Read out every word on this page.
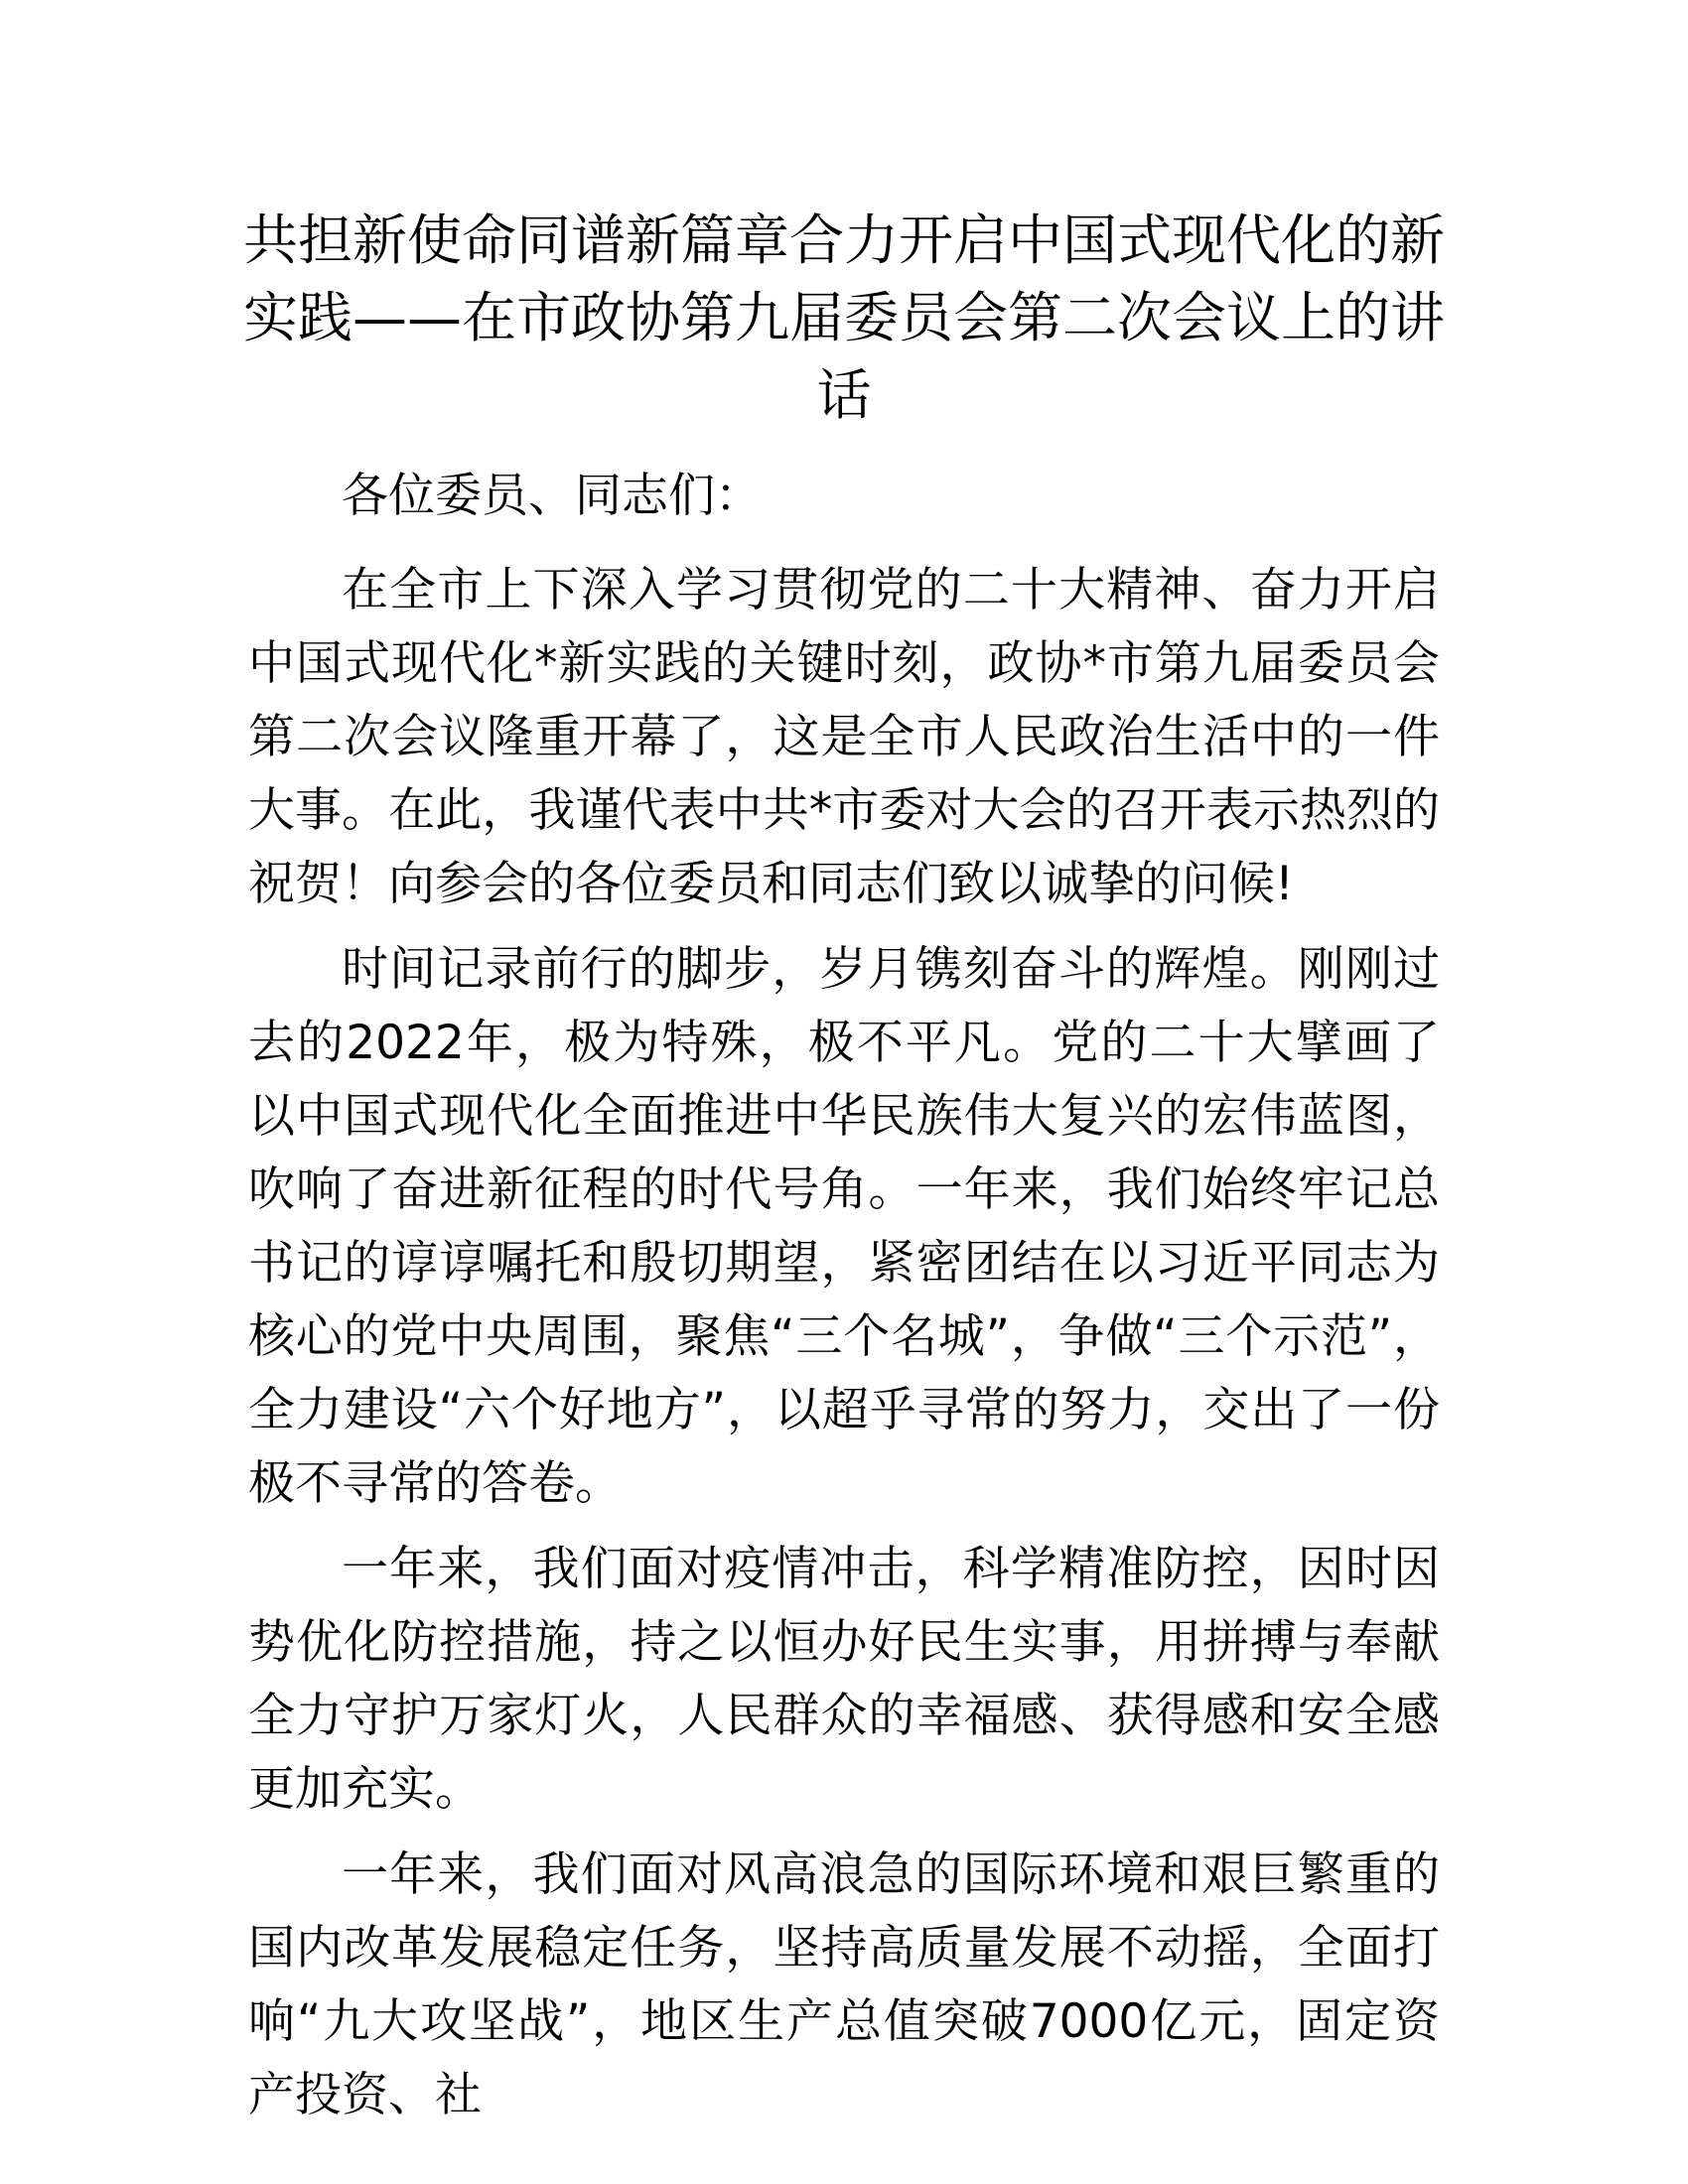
共担新使命同谱新篇章合力开启中国式现代化的新实践——在市政协第九届委员会第二次会议上的讲话

各位委员、同志们：

在全市上下深入学习贯彻党的二十大精神、奋力开启中国式现代化*新实践的关键时刻，政协*市第九届委员会第二次会议隆重开幕了，这是全市人民政治生活中的一件大事。在此，我谨代表中共*市委对大会的召开表示热烈的祝贺！向参会的各位委员和同志们致以诚挚的问候!

时间记录前行的脚步，岁月镌刻奋斗的辉煌。刚刚过去的2022年，极为特殊，极不平凡。党的二十大擘画了以中国式现代化全面推进中华民族伟大复兴的宏伟蓝图，吹响了奋进新征程的时代号角。一年来，我们始终牢记总书记的谆谆嘱托和殷切期望，紧密团结在以习近平同志为核心的党中央周围，聚焦“三个名城”，争做“三个示范”，全力建设“六个好地方”，以超乎寻常的努力，交出了一份极不寻常的答卷。

一年来，我们面对疫情冲击，科学精准防控，因时因势优化防控措施，持之以恒办好民生实事，用拼搏与奉献全力守护万家灯火，人民群众的幸福感、获得感和安全感更加充实。

一年来，我们面对风高浪急的国际环境和艰巨繁重的国内改革发展稳定任务，坚持高质量发展不动摇，全面打响“九大攻坚战”，地区生产总值突破7000亿元，固定资产投资、社
